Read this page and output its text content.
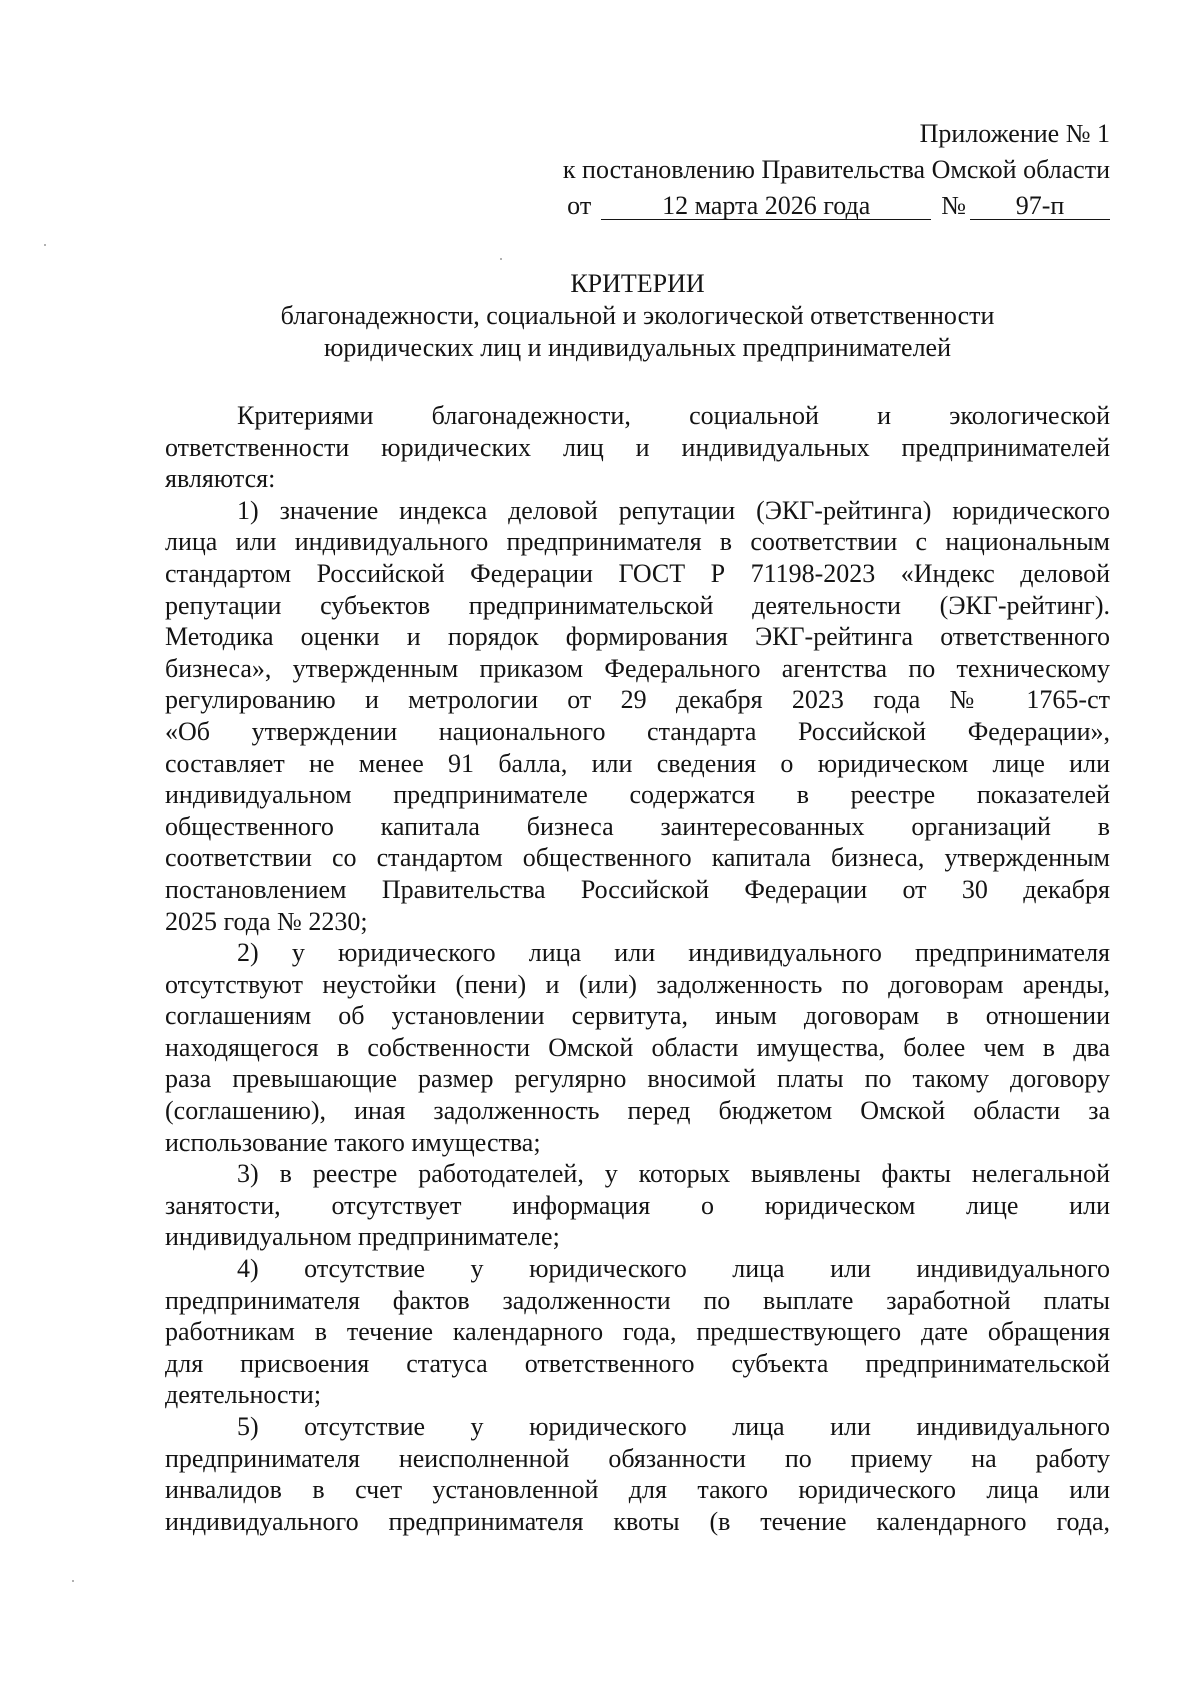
Приложение № 1
к постановлению Правительства Омской области
от	12 марта 2026 года	№	97-п
КРИТЕРИИ
благонадежности, социальной и экологической ответственности
юридических лиц и индивидуальных предпринимателей
Критериями благонадежности, социальной и экологической
ответственности юридических лиц и индивидуальных предпринимателей
являются:
1) значение индекса деловой репутации (ЭКГ-рейтинга) юридического
лица или индивидуального предпринимателя в соответствии с национальным
стандартом Российской Федерации ГОСТ Р 71198-2023 «Индекс деловой
репутации субъектов предпринимательской деятельности (ЭКГ-рейтинг).
Методика оценки и порядок формирования ЭКГ-рейтинга ответственного
бизнеса», утвержденным приказом Федерального агентства по техническому
регулированию и метрологии от 29 декабря 2023 года № 1765-ст
«Об утверждении национального стандарта Российской Федерации»,
составляет не менее 91 балла, или сведения о юридическом лице или
индивидуальном предпринимателе содержатся в реестре показателей
общественного капитала бизнеса заинтересованных организаций в
соответствии со стандартом общественного капитала бизнеса, утвержденным
постановлением Правительства Российской Федерации от 30 декабря
2025 года № 2230;
2) у юридического лица или индивидуального предпринимателя
отсутствуют неустойки (пени) и (или) задолженность по договорам аренды,
соглашениям об установлении сервитута, иным договорам в отношении
находящегося в собственности Омской области имущества, более чем в два
раза превышающие размер регулярно вносимой платы по такому договору
(соглашению), иная задолженность перед бюджетом Омской области за
использование такого имущества;
3) в реестре работодателей, у которых выявлены факты нелегальной
занятости, отсутствует информация о юридическом лице или
индивидуальном предпринимателе;
4) отсутствие у юридического лица или индивидуального
предпринимателя фактов задолженности по выплате заработной платы
работникам в течение календарного года, предшествующего дате обращения
для присвоения статуса ответственного субъекта предпринимательской
деятельности;
5) отсутствие у юридического лица или индивидуального
предпринимателя неисполненной обязанности по приему на работу
инвалидов в счет установленной для такого юридического лица или
индивидуального предпринимателя квоты (в течение календарного года,
